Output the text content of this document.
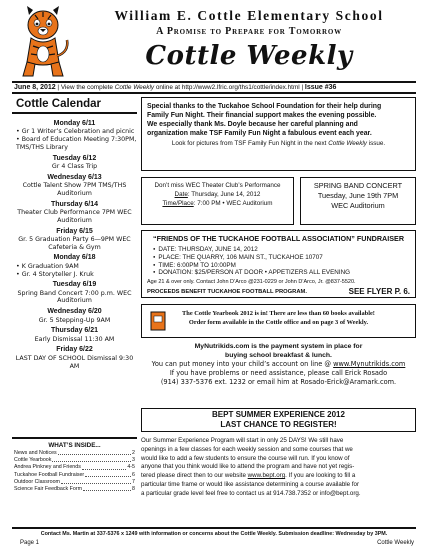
William E. Cottle Elementary School
A Promise to Prepare for Tomorrow
Cottle Weekly
June 8, 2012 | View the complete Cottle Weekly online at http://www2.lfric.org/ths1/cottle/index.html | Issue #36
Cottle Calendar
Monday 6/11
• Gr 1 Writer’s Celebration and picnic
• Board of Education Meeting 7:30PM, TMS/THS Library
Tuesday 6/12
Gr 4 Class Trip
Wednesday 6/13
Cottle Talent Show 7PM TMS/THS Auditorium
Thursday 6/14
Theater Club Performance 7PM WEC Auditorium
Friday 6/15
Gr. 5 Graduation Party 6—9PM WEC Cafeteria & Gym
Monday 6/18
• K Graduation 9AM
• Gr. 4 Storyteller J. Kruk
Tuesday 6/19
Spring Band Concert 7:00 p.m. WEC Auditorium
Wednesday 6/20
Gr. 5 Stepping-Up 9AM
Thursday 6/21
Early Dismissal 11:30 AM
Friday 6/22
LAST DAY OF SCHOOL Dismissal 9:30 AM
WHAT’S INSIDE...
News and Notices	2
Cottle Yearbook	3
Andrea Pinkney and Friends	4-5
Tuckahoe Football Fundraiser	6
Outdoor Classroom	7
Science Fair Feedback Form	8
Special thanks to the Tuckahoe School Foundation for their help during
Family Fun Night. Their financial support makes the evening possible.
We especially thank Ms. Doyle because her careful planning and
organization make TSF Family Fun Night a fabulous event each year.
Look for pictures from TSF Family Fun Night in the next Cottle Weekly issue.
Don’t miss WEC Theater Club’s Performance
Date: Thursday, June 14, 2012
Time/Place: 7:00 PM • WEC Auditorium
SPRING BAND CONCERT
Tuesday, June 19th 7PM
WEC Auditorium
“FRIENDS OF THE TUCKAHOE FOOTBALL ASSOCIATION” FUNDRAISER
● DATE: THURSDAY, JUNE 14, 2012
● PLACE: THE QUARRY, 106 MAIN ST., TUCKAHOE 10707
● TIME: 6:00PM TO 10:00PM
● DONATION: $25/PERSON AT DOOR • APPETIZERS ALL EVENING
Age 21 & over only. Contact John D’Arco @231-0229 or John D’Arco, Jr. @837-5520.
PROCEEDS BENEFIT TUCKAHOE FOOTBALL PROGRAM.	SEE FLYER P. 6.
The Cottle Yearbook 2012 is in! There are less than 60 books available!
Order form available in the Cottle office and on page 3 of Weekly.
MyNutrikids.com is the payment system in place for
buying school breakfast & lunch.
You can put money into your child’s account on line @ www.Mynutrikids.com
If you have problems or need assistance, please call Erick Rosado
(914) 337-5376 ext. 1232 or email him at Rosado-Erick@Aramark.com.
BEPT SUMMER EXPERIENCE 2012
LAST CHANCE TO REGISTER!
Our Summer Experience Program will start in only 25 DAYS! We still have
openings in a few classes for each weekly session and some courses that we
would like to add a few students to ensure the course will run. If you know of
anyone that you think would like to attend the program and have not yet regis-
tered please direct then to our website www.bept.org. If you are looking to fill a
particular time frame or would like assistance determining a course available for
a particular grade level feel free to contact us at 914.738.7352 or info@bept.org.
Contact Ms. Martin at 337-5376 x 1249 with information or concerns about the Cottle Weekly. Submission deadline: Wednesday by 3PM.
Page 1	Cottle Weekly
